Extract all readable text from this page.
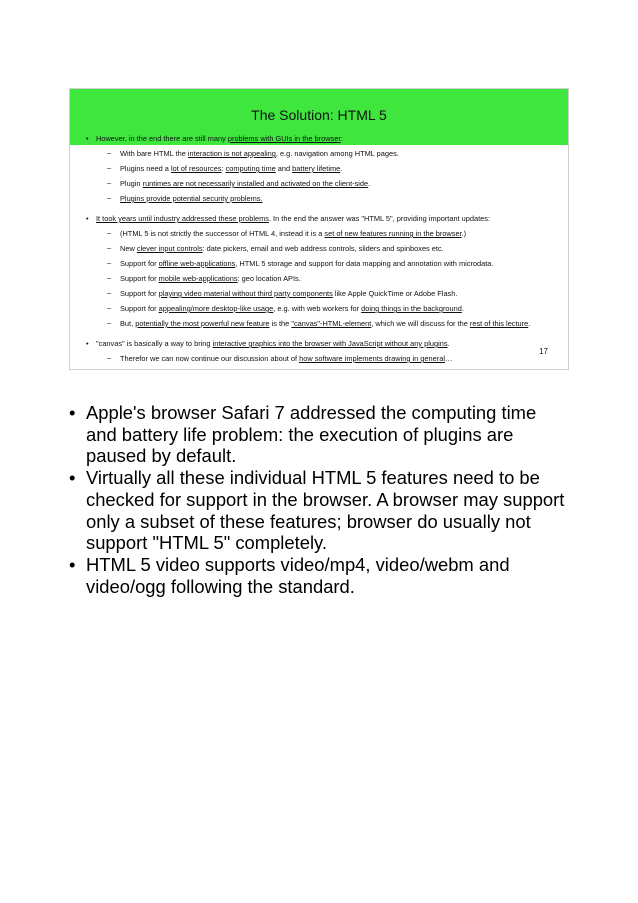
The Solution: HTML 5
• However, in the end there are still many problems with GUIs in the browser:
– With bare HTML the interaction is not appealing, e.g. navigation among HTML pages.
– Plugins need a lot of resources: computing time and battery lifetime.
– Plugin runtimes are not necessarily installed and activated on the client-side.
– Plugins provide potential security problems.
• It took years until industry addressed these problems. In the end the answer was "HTML 5", providing important updates:
– (HTML 5 is not strictly the successor of HTML 4, instead it is a set of new features running in the browser.)
– New clever input controls: date pickers, email and web address controls, sliders and spinboxes etc.
– Support for offline web-applications, HTML 5 storage and support for data mapping and annotation with microdata.
– Support for mobile web-applications: geo location APIs.
– Support for playing video material without third party components like Apple QuickTime or Adobe Flash.
– Support for appealing/more desktop-like usage, e.g. with web workers for doing things in the background.
– But, potentially the most powerful new feature is the "canvas"-HTML-element, which we will discuss for the rest of this lecture.
• "canvas" is basically a way to bring interactive graphics into the browser with JavaScript without any plugins.
– Therefor we can now continue our discussion about of how software implements drawing in general…
17
• Apple's browser Safari 7 addressed the computing time and battery life problem: the execution of plugins are paused by default.
• Virtually all these individual HTML 5 features need to be checked for support in the browser. A browser may support only a subset of these features; browser do usually not support "HTML 5" completely.
• HTML 5 video supports video/mp4, video/webm and video/ogg following the standard.
